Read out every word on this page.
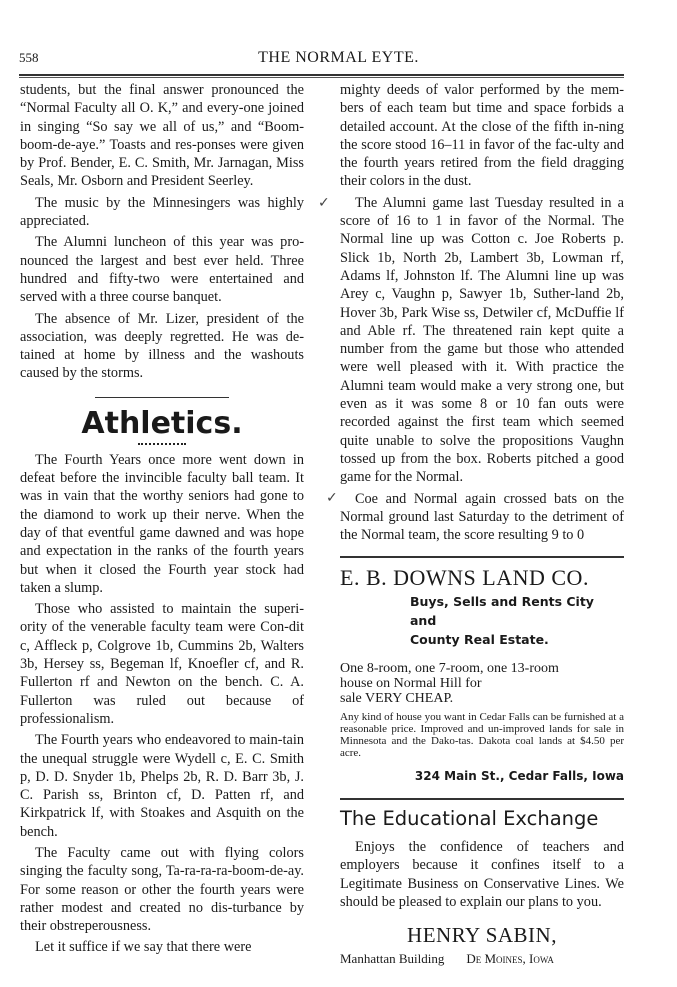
558	THE NORMAL EYTE.

students, but the final answer pronounced the “Normal Faculty all O. K,” and every-one joined in singing “So say we all of us,” and “Boom-boom-de-aye.” Toasts and res-ponses were given by Prof. Bender, E. C. Smith, Mr. Jarnagan, Miss Seals, Mr. Osborn and President Seerley.

The music by the Minnesingers was highly appreciated.

The Alumni luncheon of this year was pro-nounced the largest and best ever held. Three hundred and fifty-two were entertained and served with a three course banquet.

The absence of Mr. Lizer, president of the association, was deeply regretted. He was de-tained at home by illness and the washouts caused by the storms.

Athletics.

The Fourth Years once more went down in defeat before the invincible faculty ball team. It was in vain that the worthy seniors had gone to the diamond to work up their nerve. When the day of that eventful game dawned and was hope and expectation in the ranks of the fourth years but when it closed the Fourth year stock had taken a slump.

Those who assisted to maintain the superi-ority of the venerable faculty team were Con-dit c, Affleck p, Colgrove 1b, Cummins 2b, Walters 3b, Hersey ss, Begeman lf, Knoefler cf, and R. Fullerton rf and Newton on the bench. C. A. Fullerton was ruled out because of professionalism.

The Fourth years who endeavored to main-tain the unequal struggle were Wydell c, E. C. Smith p, D. D. Snyder 1b, Phelps 2b, R. D. Barr 3b, J. C. Parish ss, Brinton cf, D. Patten rf, and Kirkpatrick lf, with Stoakes and Asquith on the bench.

The Faculty came out with flying colors singing the faculty song, Ta-ra-ra-ra-boom-de-ay. For some reason or other the fourth years were rather modest and created no dis-turbance by their obstreperousness.

Let it suffice if we say that there were

mighty deeds of valor performed by the mem-bers of each team but time and space forbids a detailed account. At the close of the fifth in-ning the score stood 16–11 in favor of the fac-ulty and the fourth years retired from the field dragging their colors in the dust.

The Alumni game last Tuesday resulted in a score of 16 to 1 in favor of the Normal. The Normal line up was Cotton c. Joe Roberts p. Slick 1b, North 2b, Lambert 3b, Lowman rf, Adams lf, Johnston lf. The Alumni line up was Arey c, Vaughn p, Sawyer 1b, Suther-land 2b, Hover 3b, Park Wise ss, Detwiler cf, McDuffie lf and Able rf. The threatened rain kept quite a number from the game but those who attended were well pleased with it. With practice the Alumni team would make a very strong one, but even as it was some 8 or 10 fan outs were recorded against the first team which seemed quite unable to solve the propositions Vaughn tossed up from the box. Roberts pitched a good game for the Normal.

Coe and Normal again crossed bats on the Normal ground last Saturday to the detriment of the Normal team, the score resulting 9 to 0

E. B. DOWNS LAND CO.
Buys, Sells and Rents City and
County Real Estate.
One 8-room, one 7-room, one 13-room
house on Normal Hill for
sale VERY CHEAP.
Any kind of house you want in Cedar Falls can be furnished at a reasonable price. Improved and un-improved lands for sale in Minnesota and the Dako-tas. Dakota coal lands at $4.50 per acre.
324 Main St., Cedar Falls, Iowa
The Educational Exchange
Enjoys the confidence of teachers and employers because it confines itself to a Legitimate Business on Conservative Lines. We should be pleased to explain our plans to you.
HENRY SABIN,
Manhattan Building De Moines, Iowa
✓
✓
